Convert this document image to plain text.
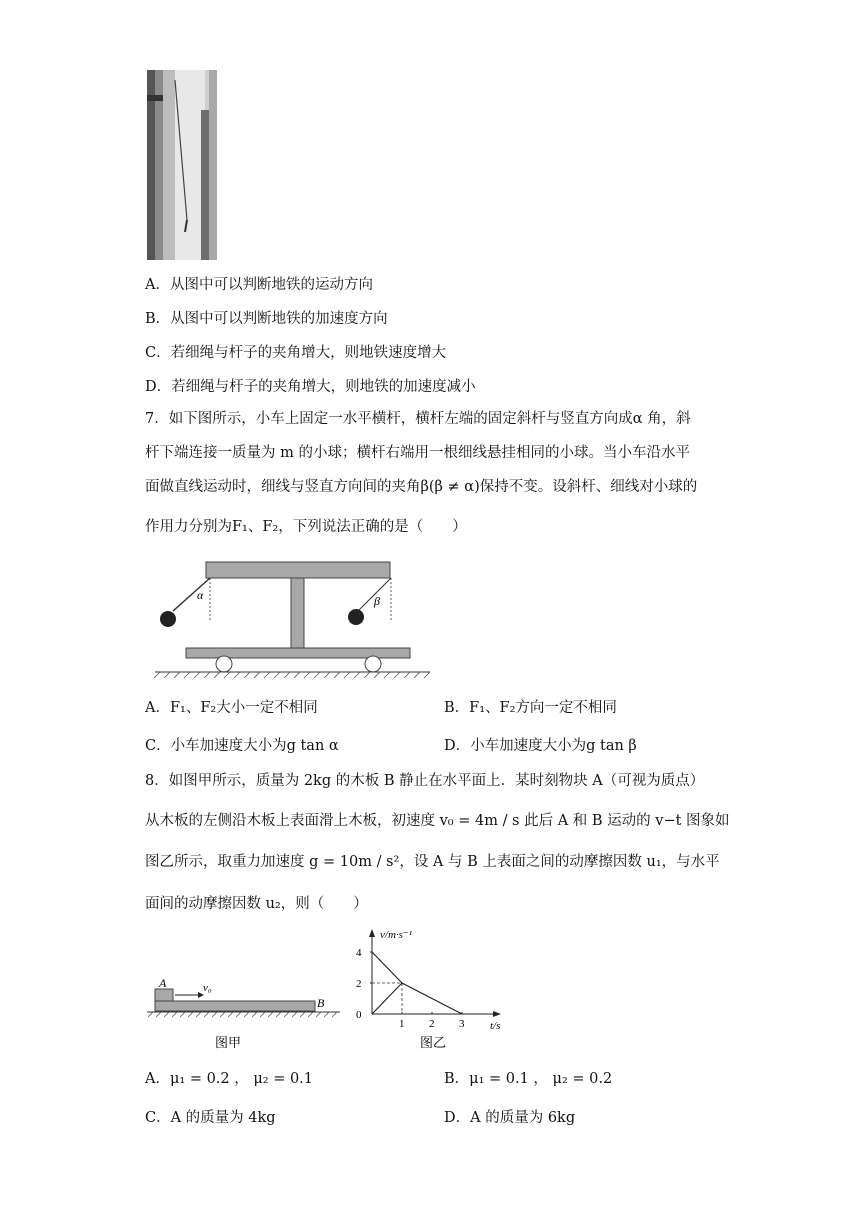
A．从图中可以判断地铁的运动方向
B．从图中可以判断地铁的加速度方向
C．若细绳与杆子的夹角增大，则地铁速度增大
D．若细绳与杆子的夹角增大，则地铁的加速度减小
7．如下图所示，小车上固定一水平横杆，横杆左端的固定斜杆与竖直方向成α 角，斜
杆下端连接一质量为 m 的小球；横杆右端用一根细线悬挂相同的小球。当小车沿水平
面做直线运动时，细线与竖直方向间的夹角β(β ≠ α)保持不变。设斜杆、细线对小球的
作用力分别为F₁、F₂，下列说法正确的是（　　）
α	β
A．F₁、F₂大小一定不相同	B．F₁、F₂方向一定不相同
C．小车加速度大小为g tan α	D．小车加速度大小为g tan β
8．如图甲所示，质量为 2kg 的木板 B 静止在水平面上．某时刻物块 A（可视为质点）
从木板的左侧沿木板上表面滑上木板，初速度 v₀ = 4m / s 此后 A 和 B 运动的 v−t 图象如
图乙所示，取重力加速度 g = 10m / s²，设 A 与 B 上表面之间的动摩擦因数 u₁，与水平
面间的动摩擦因数 u₂，则（　　）
A
B
v₀
图甲
4
2
0
1 2 3
v/m·s⁻¹
t/s
图乙
A．μ₁ = 0.2 ， μ₂ = 0.1	B．μ₁ = 0.1 ， μ₂ = 0.2
C．A 的质量为 4kg	D．A 的质量为 6kg
